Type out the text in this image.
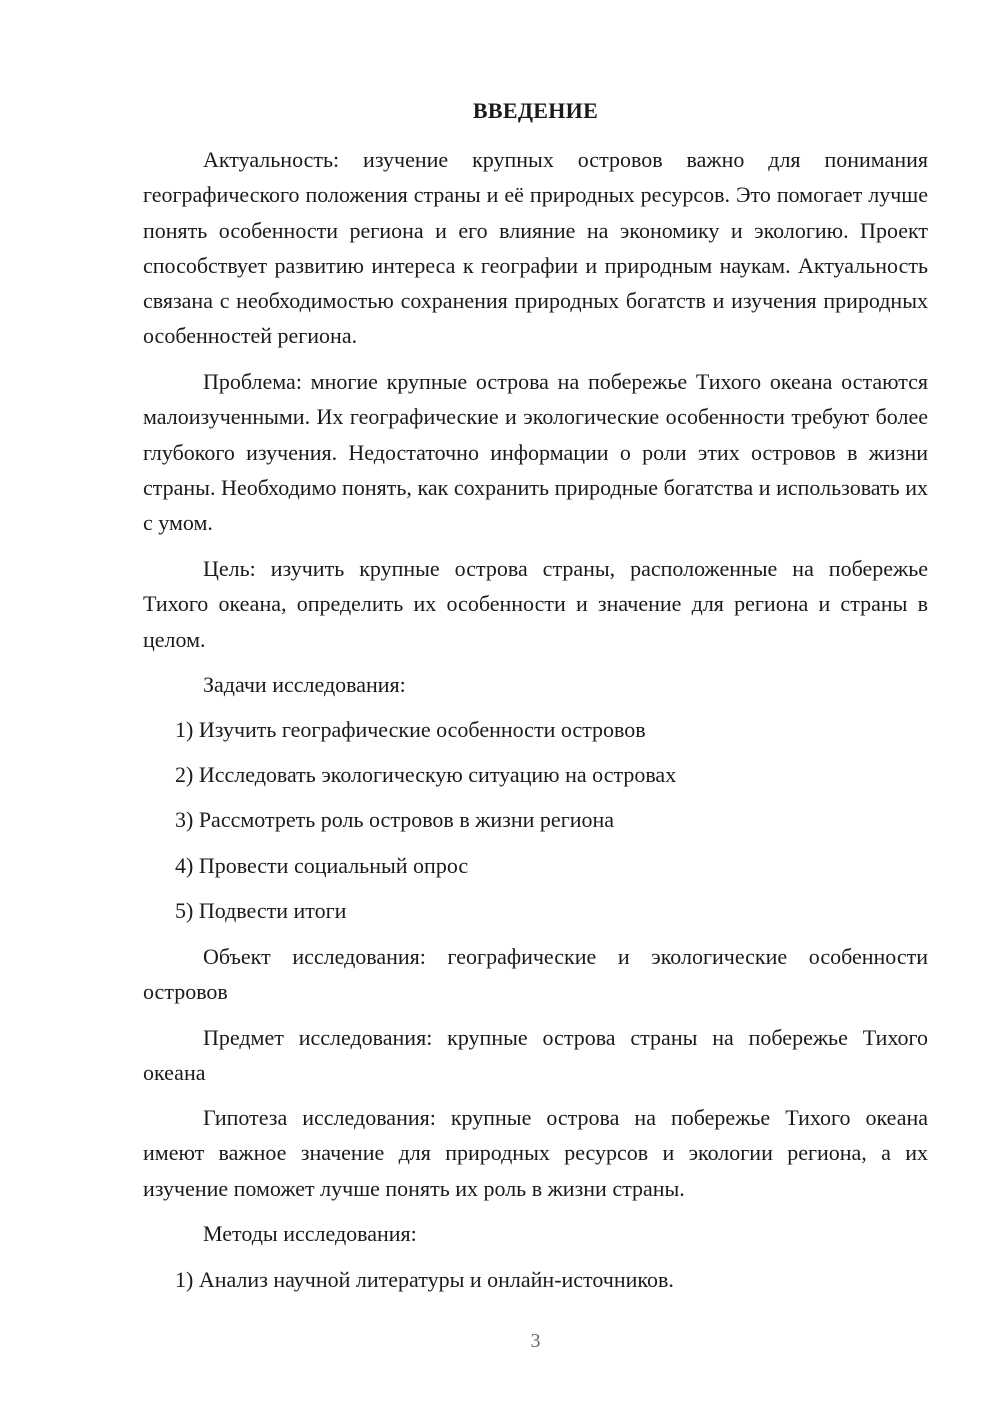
ВВЕДЕНИЕ

Актуальность: изучение крупных островов важно для понимания географического положения страны и её природных ресурсов. Это помогает лучше понять особенности региона и его влияние на экономику и экологию. Проект способствует развитию интереса к географии и природным наукам. Актуальность связана с необходимостью сохранения природных богатств и изучения природных особенностей региона.

Проблема: многие крупные острова на побережье Тихого океана остаются малоизученными. Их географические и экологические особенности требуют более глубокого изучения. Недостаточно информации о роли этих островов в жизни страны. Необходимо понять, как сохранить природные богатства и использовать их с умом.

Цель: изучить крупные острова страны, расположенные на побережье Тихого океана, определить их особенности и значение для региона и страны в целом.

Задачи исследования:

1) Изучить географические особенности островов

2) Исследовать экологическую ситуацию на островах

3) Рассмотреть роль островов в жизни региона

4) Провести социальный опрос

5) Подвести итоги

Объект исследования: географические и экологические особенности островов

Предмет исследования: крупные острова страны на побережье Тихого океана

Гипотеза исследования: крупные острова на побережье Тихого океана имеют важное значение для природных ресурсов и экологии региона, а их изучение поможет лучше понять их роль в жизни страны.

Методы исследования:

1) Анализ научной литературы и онлайн-источников.

3
